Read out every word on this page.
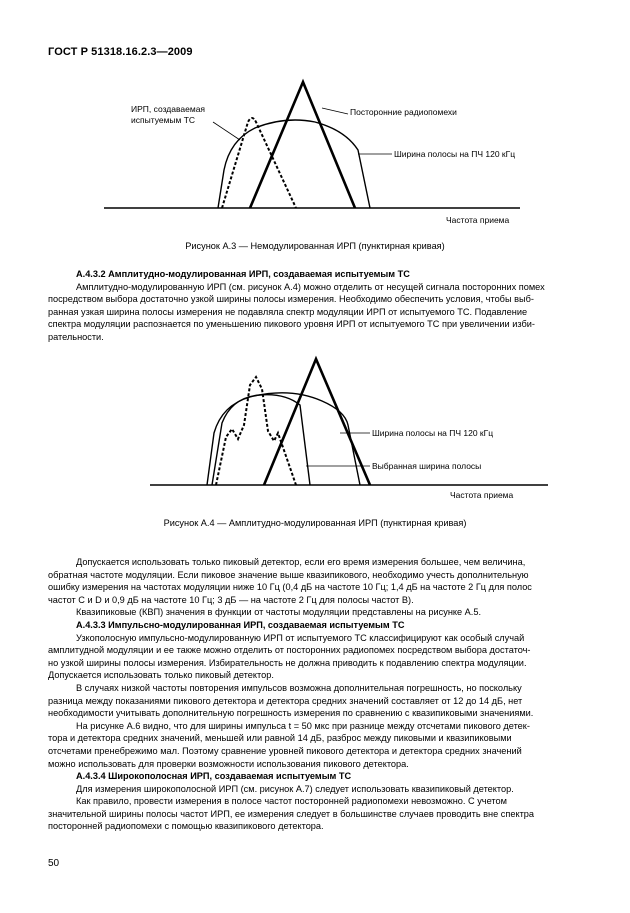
ГОСТ Р 51318.16.2.3—2009
ИРП, создаваемая
испытуемым ТС
Посторонние радиопомехи
Ширина полосы на ПЧ 120 кГц
Частота приема
Рисунок А.3 — Немодулированная ИРП (пунктирная кривая)

А.4.3.2 Амплитудно-модулированная ИРП, создаваемая испытуемым ТС

Амплитудно-модулированную ИРП (см. рисунок А.4) можно отделить от несущей сигнала посторонних помех

посредством выбора достаточно узкой ширины полосы измерения. Необходимо обеспечить условия, чтобы выб-

ранная узкая ширина полосы измерения не подавляла спектр модуляции ИРП от испытуемого ТС. Подавление

спектра модуляции распознается по уменьшению пикового уровня ИРП от испытуемого ТС при увеличении изби-

рательности.

Ширина полосы на ПЧ 120 кГц
Выбранная ширина полосы
Частота приема
Рисунок А.4 — Амплитудно-модулированная ИРП (пунктирная кривая)

Допускается использовать только пиковый детектор, если его время измерения большее, чем величина,

обратная частоте модуляции. Если пиковое значение выше квазипикового, необходимо учесть дополнительную

ошибку измерения на частотах модуляции ниже 10 Гц (0,4 дБ на частоте 10 Гц; 1,4 дБ на частоте 2 Гц для полос

частот С и D и 0,9 дБ на частоте 10 Гц; 3 дБ — на частоте 2 Гц для полосы частот В).

Квазипиковые (КВП) значения в функции от частоты модуляции представлены на рисунке А.5.

А.4.3.3 Импульсно-модулированная ИРП, создаваемая испытуемым ТС

Узкополосную импульсно-модулированную ИРП от испытуемого ТС классифицируют как особый случай

амплитудной модуляции и ее также можно отделить от посторонних радиопомех посредством выбора достаточ-

но узкой ширины полосы измерения. Избирательность не должна приводить к подавлению спектра модуляции.

Допускается использовать только пиковый детектор.

В случаях низкой частоты повторения импульсов возможна дополнительная погрешность, но поскольку

разница между показаниями пикового детектора и детектора средних значений составляет от 12 до 14 дБ, нет

необходимости учитывать дополнительную погрешность измерения по сравнению с квазипиковыми значениями.

На рисунке А.6 видно, что для ширины импульса t = 50 мкс при разнице между отсчетами пикового детек-

тора и детектора средних значений, меньшей или равной 14 дБ, разброс между пиковыми и квазипиковыми

отсчетами пренебрежимо мал. Поэтому сравнение уровней пикового детектора и детектора средних значений

можно использовать для проверки возможности использования пикового детектора.

А.4.3.4 Широкополосная ИРП, создаваемая испытуемым ТС

Для измерения широкополосной ИРП (см. рисунок А.7) следует использовать квазипиковый детектор.

Как правило, провести измерения в полосе частот посторонней радиопомехи невозможно. С учетом

значительной ширины полосы частот ИРП, ее измерения следует в большинстве случаев проводить вне спектра

посторонней радиопомехи с помощью квазипикового детектора.

50
